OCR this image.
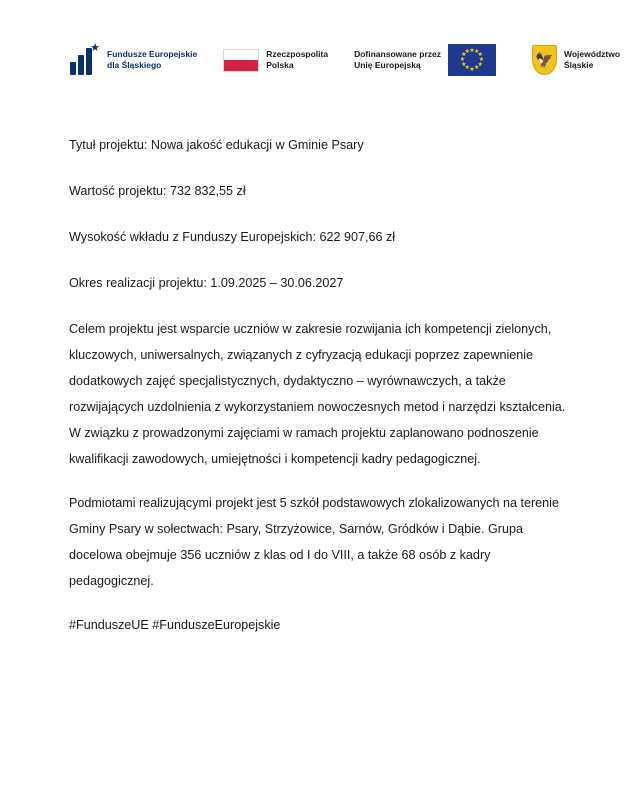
★ Fundusze Europejskie
dla Śląskiego
Rzeczpospolita
Polska
Dofinansowane przez
Unię Europejską
★ ★
★
★
★
★
★
★
★
★
★
★
🦅 Województwo
Śląskie

Tytuł projektu: Nowa jakość edukacji w Gminie Psary

Wartość projektu: 732 832,55 zł

Wysokość wkładu z Funduszy Europejskich: 622 907,66 zł

Okres realizacji projektu: 1.09.2025 – 30.06.2027

Celem projektu jest wsparcie uczniów w zakresie rozwijania ich kompetencji zielonych, kluczowych, uniwersalnych, związanych z cyfryzacją edukacji poprzez zapewnienie dodatkowych zajęć specjalistycznych, dydaktyczno – wyrównawczych, a także rozwijających uzdolnienia z wykorzystaniem nowoczesnych metod i narzędzi kształcenia. W związku z prowadzonymi zajęciami w ramach projektu zaplanowano podnoszenie kwalifikacji zawodowych, umiejętności i kompetencji kadry pedagogicznej.

Podmiotami realizującymi projekt jest 5 szkół podstawowych zlokalizowanych na terenie Gminy Psary w sołectwach: Psary, Strzyżowice, Sarnów, Gródków i Dąbie. Grupa docelowa obejmuje 356 uczniów z klas od I do VIII, a także 68 osób z kadry pedagogicznej.

#FunduszeUE #FunduszeEuropejskie
